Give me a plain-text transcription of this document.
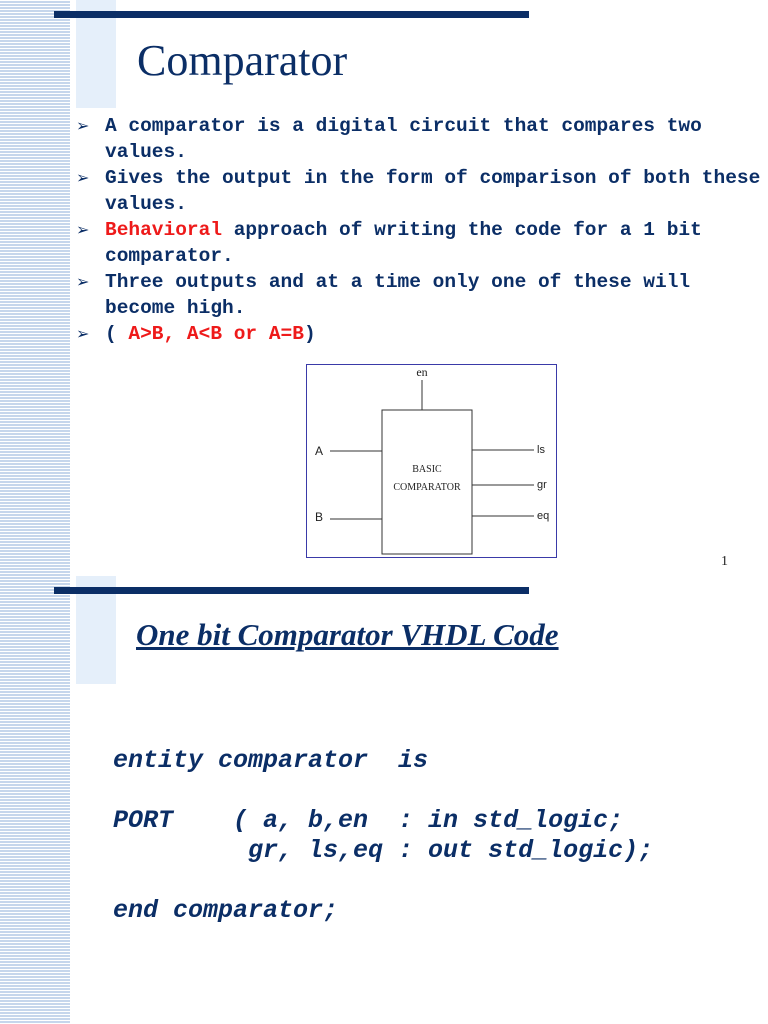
Comparator
➢ A comparator is a digital circuit that compares two values.
➢ Gives the output in the form of comparison of both these values.
➢ Behavioral approach of writing the code for a 1 bit comparator.
➢ Three outputs and at a time only one of these will become high.
➢ ( A>B, A<B or A=B)
en
A
B
BASIC
COMPARATOR
ls
gr
eq
1
One bit Comparator VHDL Code
entity comparator  is

PORT    ( a, b,en  : in std_logic;
gr, ls,eq : out std_logic);

end comparator;
